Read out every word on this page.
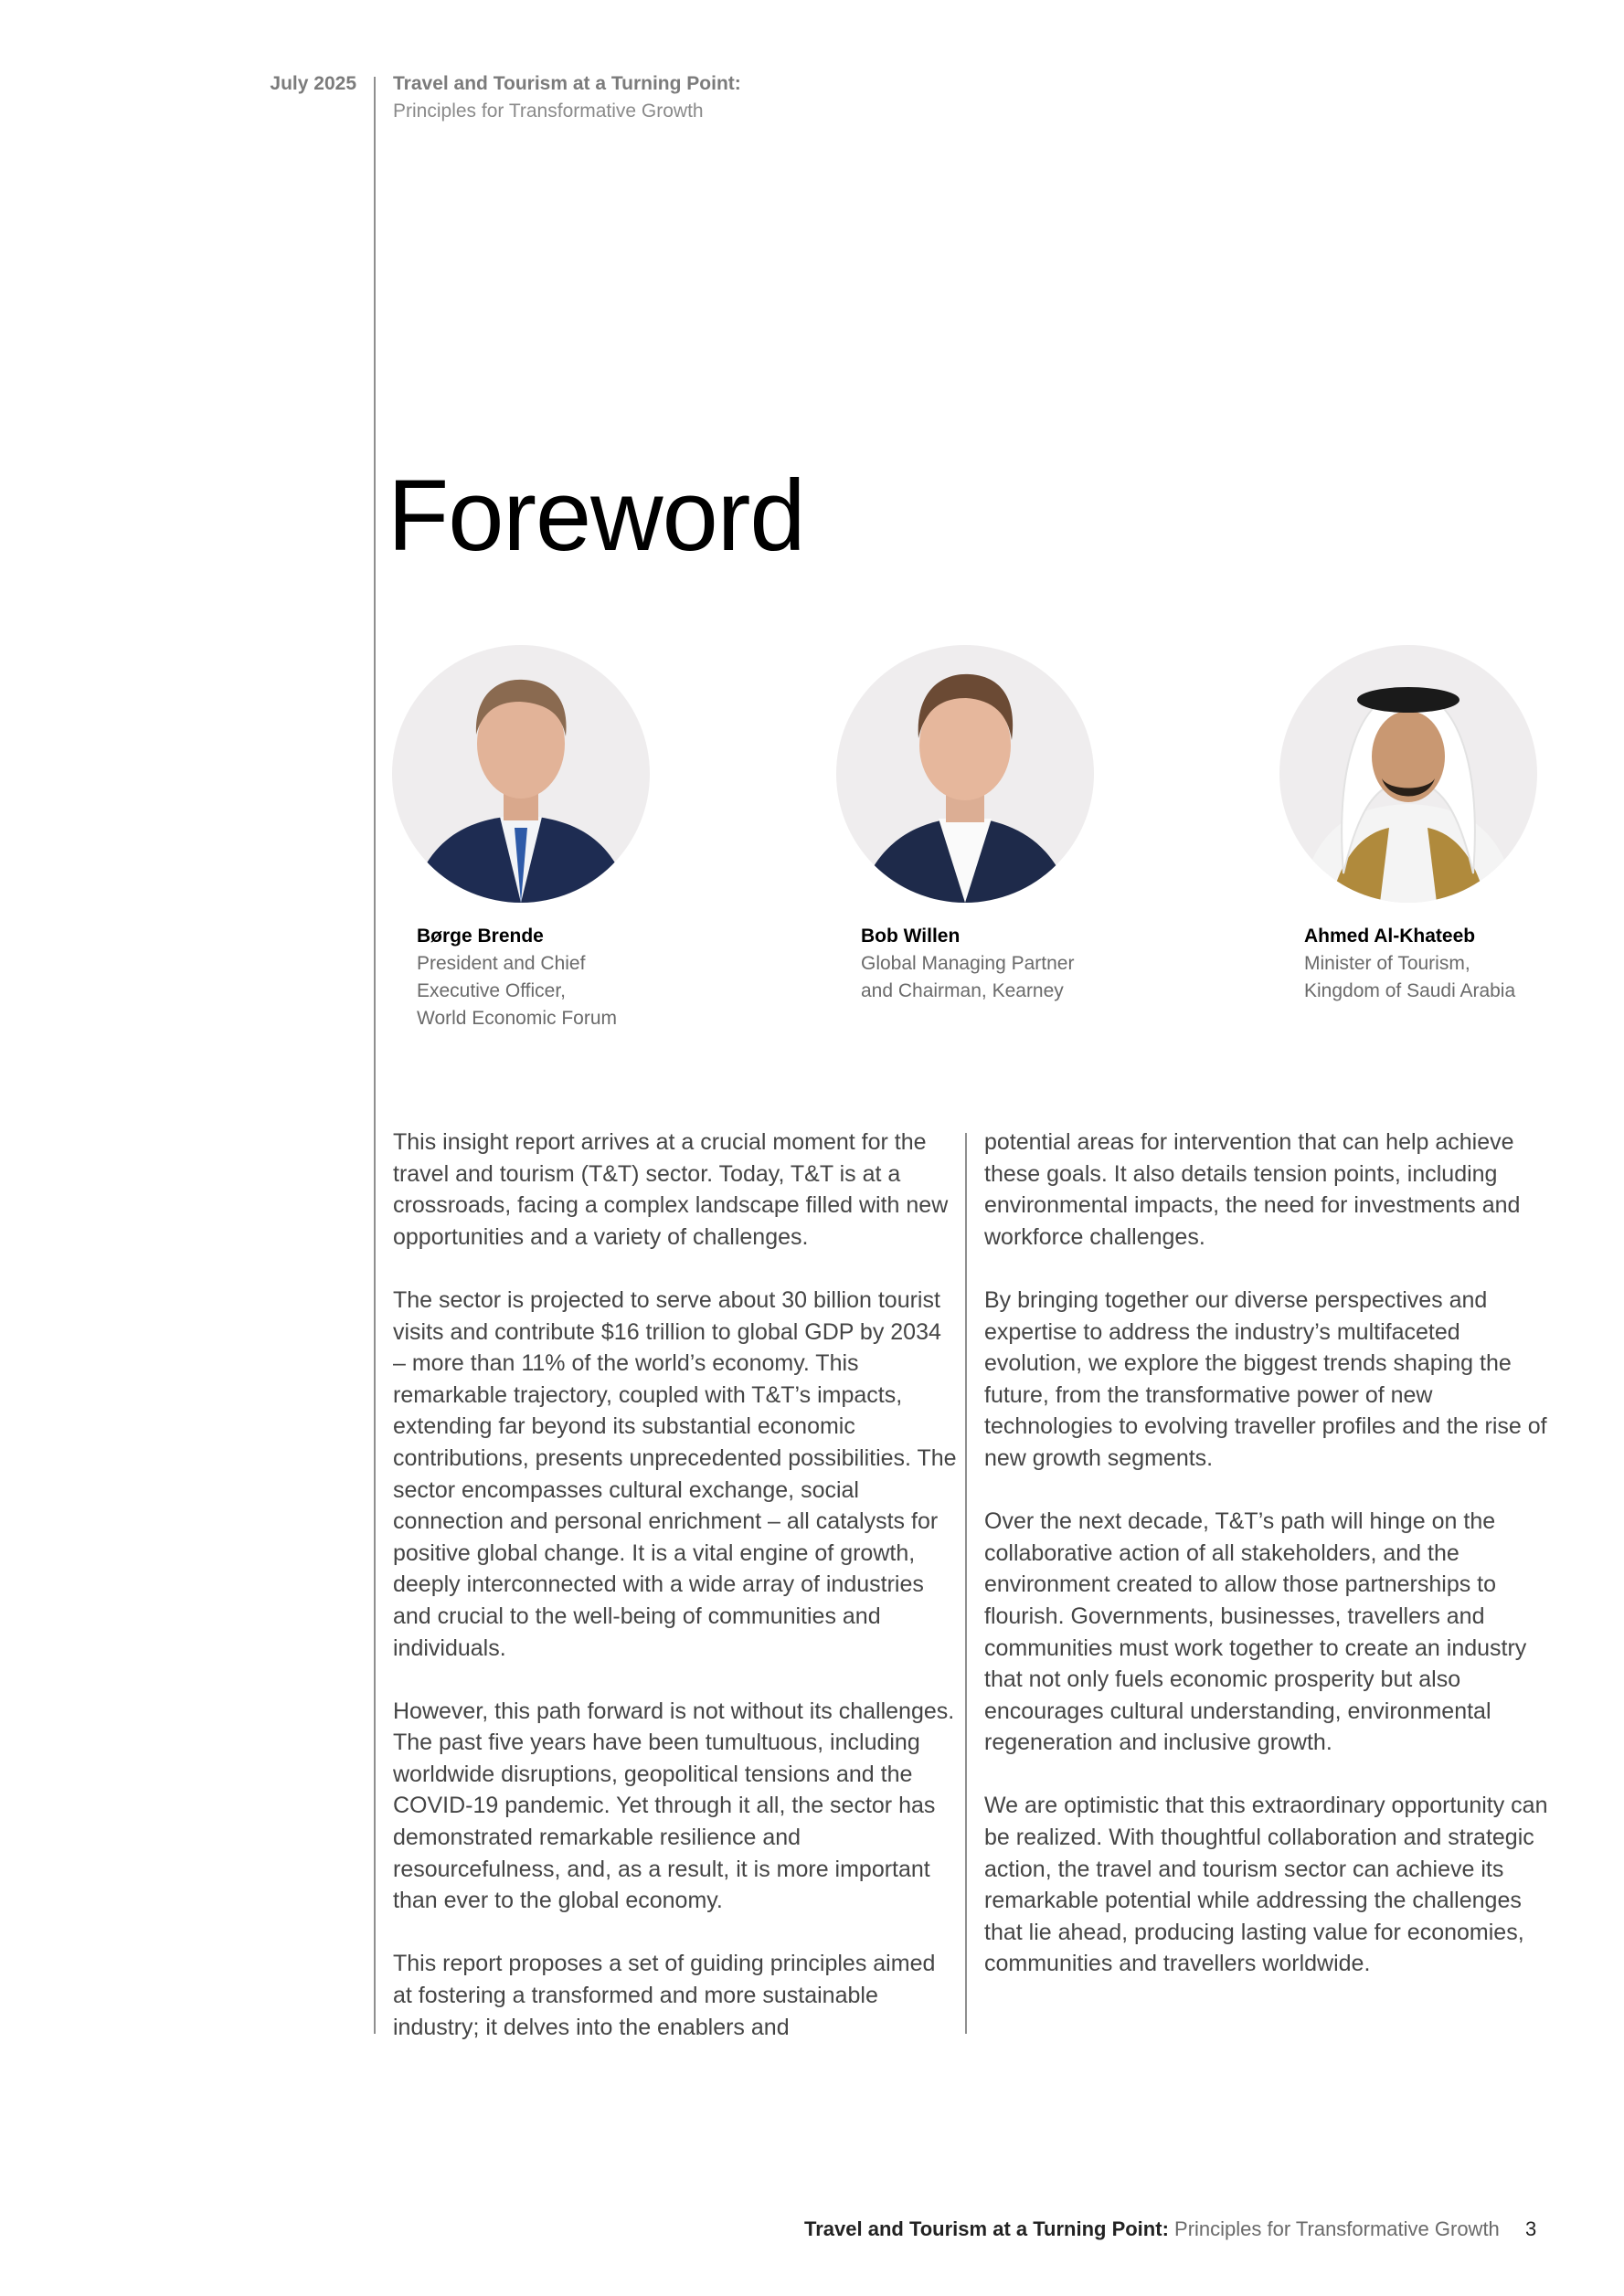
July 2025 Travel and Tourism at a Turning Point:
Principles for Transformative Growth
Foreword
Børge Brende
President and Chief
Executive Officer,
World Economic Forum
Bob Willen
Global Managing Partner
and Chairman, Kearney
Ahmed Al-Khateeb
Minister of Tourism,
Kingdom of Saudi Arabia

This insight report arrives at a crucial moment for the travel and tourism (T&T) sector. Today, T&T is at a crossroads, facing a complex landscape filled with new opportunities and a variety of challenges.

The sector is projected to serve about 30 billion tourist visits and contribute $16 trillion to global GDP by 2034 – more than 11% of the world’s economy. This remarkable trajectory, coupled with T&T’s impacts, extending far beyond its substantial economic contributions, presents unprecedented possibilities. The sector encompasses cultural exchange, social connection and personal enrichment – all catalysts for positive global change. It is a vital engine of growth, deeply interconnected with a wide array of industries and crucial to the well-being of communities and individuals.

However, this path forward is not without its challenges. The past five years have been tumultuous, including worldwide disruptions, geopolitical tensions and the COVID-19 pandemic. Yet through it all, the sector has demonstrated remarkable resilience and resourcefulness, and, as a result, it is more important than ever to the global economy.

This report proposes a set of guiding principles aimed at fostering a transformed and more sustainable industry; it delves into the enablers and

potential areas for intervention that can help achieve these goals. It also details tension points, including environmental impacts, the need for investments and workforce challenges.

By bringing together our diverse perspectives and expertise to address the industry’s multifaceted evolution, we explore the biggest trends shaping the future, from the transformative power of new technologies to evolving traveller profiles and the rise of new growth segments.

Over the next decade, T&T’s path will hinge on the collaborative action of all stakeholders, and the environment created to allow those partnerships to flourish. Governments, businesses, travellers and communities must work together to create an industry that not only fuels economic prosperity but also encourages cultural understanding, environmental regeneration and inclusive growth.

We are optimistic that this extraordinary opportunity can be realized. With thoughtful collaboration and strategic action, the travel and tourism sector can achieve its remarkable potential while addressing the challenges that lie ahead, producing lasting value for economies, communities and travellers worldwide.

Travel and Tourism at a Turning Point: Principles for Transformative Growth 3
